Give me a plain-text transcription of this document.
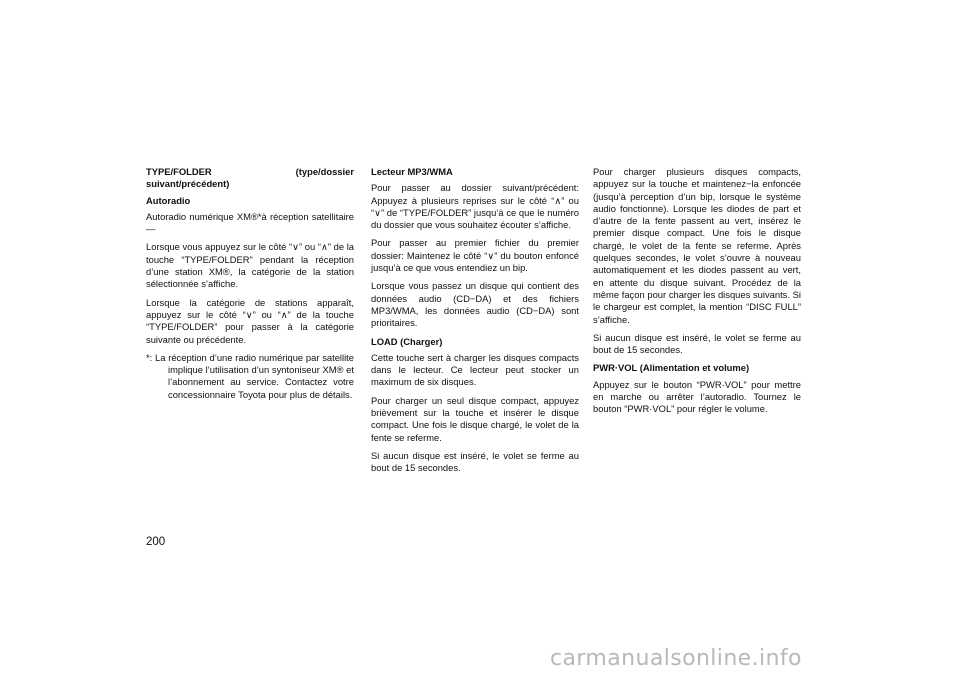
TYPE/FOLDER	(type/dossier

suivant/précédent)
Autoradio

Autoradio numérique XM®*à réception satellitaire—

Lorsque vous appuyez sur le côté “∨” ou “∧” de la touche “TYPE/FOLDER” pendant la réception d’une station XM®, la catégorie de la station sélectionnée s’affiche.

Lorsque la catégorie de stations apparaît, appuyez sur le côté “∨” ou “∧” de la touche “TYPE/FOLDER” pour passer à la catégorie suivante ou précédente.

*: La réception d’une radio numérique par satellite implique l’utilisation d’un syntoniseur XM® et l’abonnement au service. Contactez votre concessionnaire Toyota pour plus de détails.

Lecteur MP3/WMA

Pour passer au dossier suivant/précédent: Appuyez à plusieurs reprises sur le côté “∧” ou “∨” de “TYPE/FOLDER” jusqu’à ce que le numéro du dossier que vous souhaitez écouter s’affiche.

Pour passer au premier fichier du premier dossier: Maintenez le côté “∨” du bouton enfoncé jusqu’à ce que vous entendiez un bip.

Lorsque vous passez un disque qui contient des données audio (CD−DA) et des fichiers MP3/WMA, les données audio (CD−DA) sont prioritaires.

LOAD (Charger)

Cette touche sert à charger les disques compacts dans le lecteur. Ce lecteur peut stocker un maximum de six disques.

Pour charger un seul disque compact, appuyez brièvement sur la touche et insérer le disque compact. Une fois le disque chargé, le volet de la fente se referme.

Si aucun disque est inséré, le volet se ferme au bout de 15 secondes.

Pour charger plusieurs disques compacts, appuyez sur la touche et maintenez−la enfoncée (jusqu’à perception d’un bip, lorsque le système audio fonctionne). Lorsque les diodes de part et d’autre de la fente passent au vert, insérez le premier disque compact. Une fois le disque chargé, le volet de la fente se referme. Après quelques secondes, le volet s’ouvre à nouveau automatiquement et les diodes passent au vert, en attente du disque suivant. Procédez de la même façon pour charger les disques suivants. Si le chargeur est complet, la mention “DISC FULL” s’affiche.

Si aucun disque est inséré, le volet se ferme au bout de 15 secondes.

PWR·VOL (Alimentation et volume)

Appuyez sur le bouton “PWR·VOL” pour mettre en marche ou arrêter l’autoradio. Tournez le bouton “PWR·VOL” pour régler le volume.

200
carmanualsonline.info
